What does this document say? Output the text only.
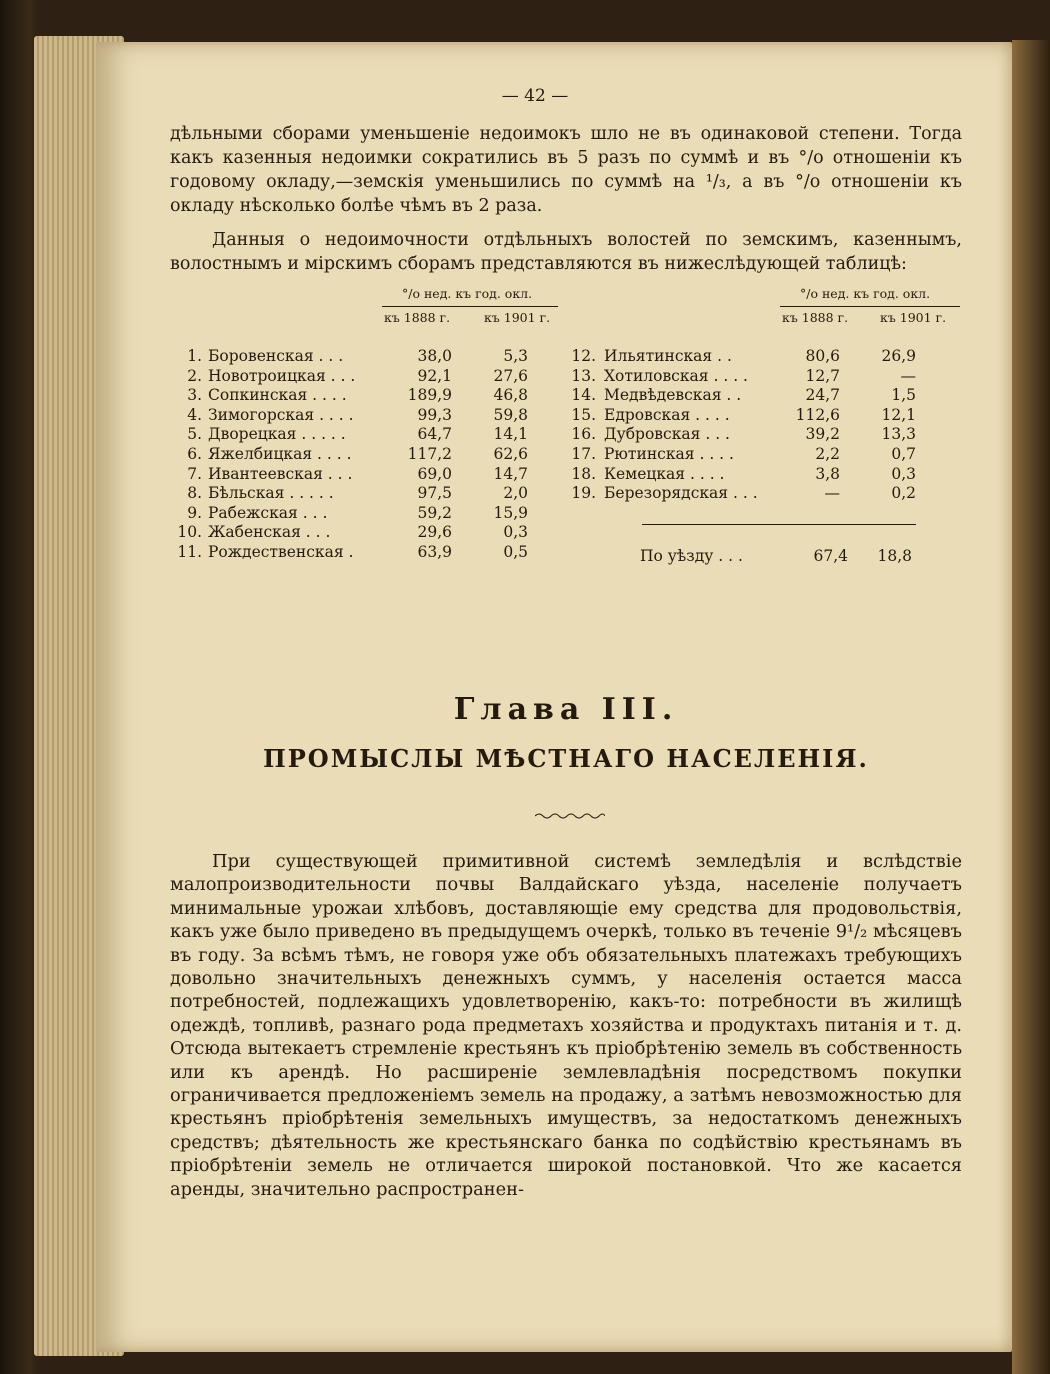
— 42 —

дѣльными сборами уменьшеніе недоимокъ шло не въ одинаковой степени. Тогда какъ казенныя недоимки сократились въ 5 разъ по суммѣ и въ °/о отношеніи къ годовому окладу,—земскія уменьшились по суммѣ на ¹/₃, а въ °/о отношеніи къ окладу нѣсколько болѣе чѣмъ въ 2 раза.

Данныя о недоимочности отдѣльныхъ волостей по земскимъ, казеннымъ, волостнымъ и мірскимъ сборамъ представляются въ нижеслѣдующей таблицѣ:

°/о нед. къ год. окл.
къ 1888 г.	къ 1901 г.
°/о нед. къ год. окл.
къ 1888 г.	къ 1901 г.
1. Боровенская . . .	38,0	5,3
2. Новотроицкая . . .	92,1	27,6
3. Сопкинская . . . .	189,9	46,8
4. Зимогорская . . . .	99,3	59,8
5. Дворецкая . . . . .	64,7	14,1
6. Яжелбицкая . . . .	117,2	62,6
7. Ивантеевская . . .	69,0	14,7
8. Бѣльская . . . . .	97,5	2,0
9. Рабежская . . .	59,2	15,9
10. Жабенская . . .	29,6	0,3
11. Рождественская .	63,9	0,5
12. Ильятинская . .	80,6	26,9
13. Хотиловская . . . .	12,7	—
14. Медвѣдевская . .	24,7	1,5
15. Едровская . . . .	112,6	12,1
16. Дубровская . . .	39,2	13,3
17. Рютинская . . . .	2,2	0,7
18. Кемецкая . . . .	3,8	0,3
19. Березорядская . . .	—	0,2
По уѣзду . . .	67,4	18,8
Глава III.
ПРОМЫСЛЫ МѢСТНАГО НАСЕЛЕНІЯ.

При существующей примитивной системѣ земледѣлія и вслѣдствіе малопроизводительности почвы Валдайскаго уѣзда, населеніе получаетъ минимальные урожаи хлѣбовъ, доставляющіе ему средства для продовольствія, какъ уже было приведено въ предыдущемъ очеркѣ, только въ теченіе 9¹/₂ мѣсяцевъ въ году. За всѣмъ тѣмъ, не говоря уже объ обязательныхъ платежахъ требующихъ довольно значительныхъ денежныхъ суммъ, у населенія остается масса потребностей, подлежащихъ удовлетворенію, какъ-то: потребности въ жилищѣ одеждѣ, топливѣ, разнаго рода предметахъ хозяйства и продуктахъ питанія и т. д. Отсюда вытекаетъ стремленіе крестьянъ къ пріобрѣтенію земель въ собственность или къ арендѣ. Но расширеніе землевладѣнія посредствомъ покупки ограничивается предложеніемъ земель на продажу, а затѣмъ невозможностью для крестьянъ пріобрѣтенія земельныхъ имуществъ, за недостаткомъ денежныхъ средствъ; дѣятельность же крестьянскаго банка по содѣйствію крестьянамъ въ пріобрѣтеніи земель не отличается широкой постановкой. Что же касается аренды, значительно распространен-
